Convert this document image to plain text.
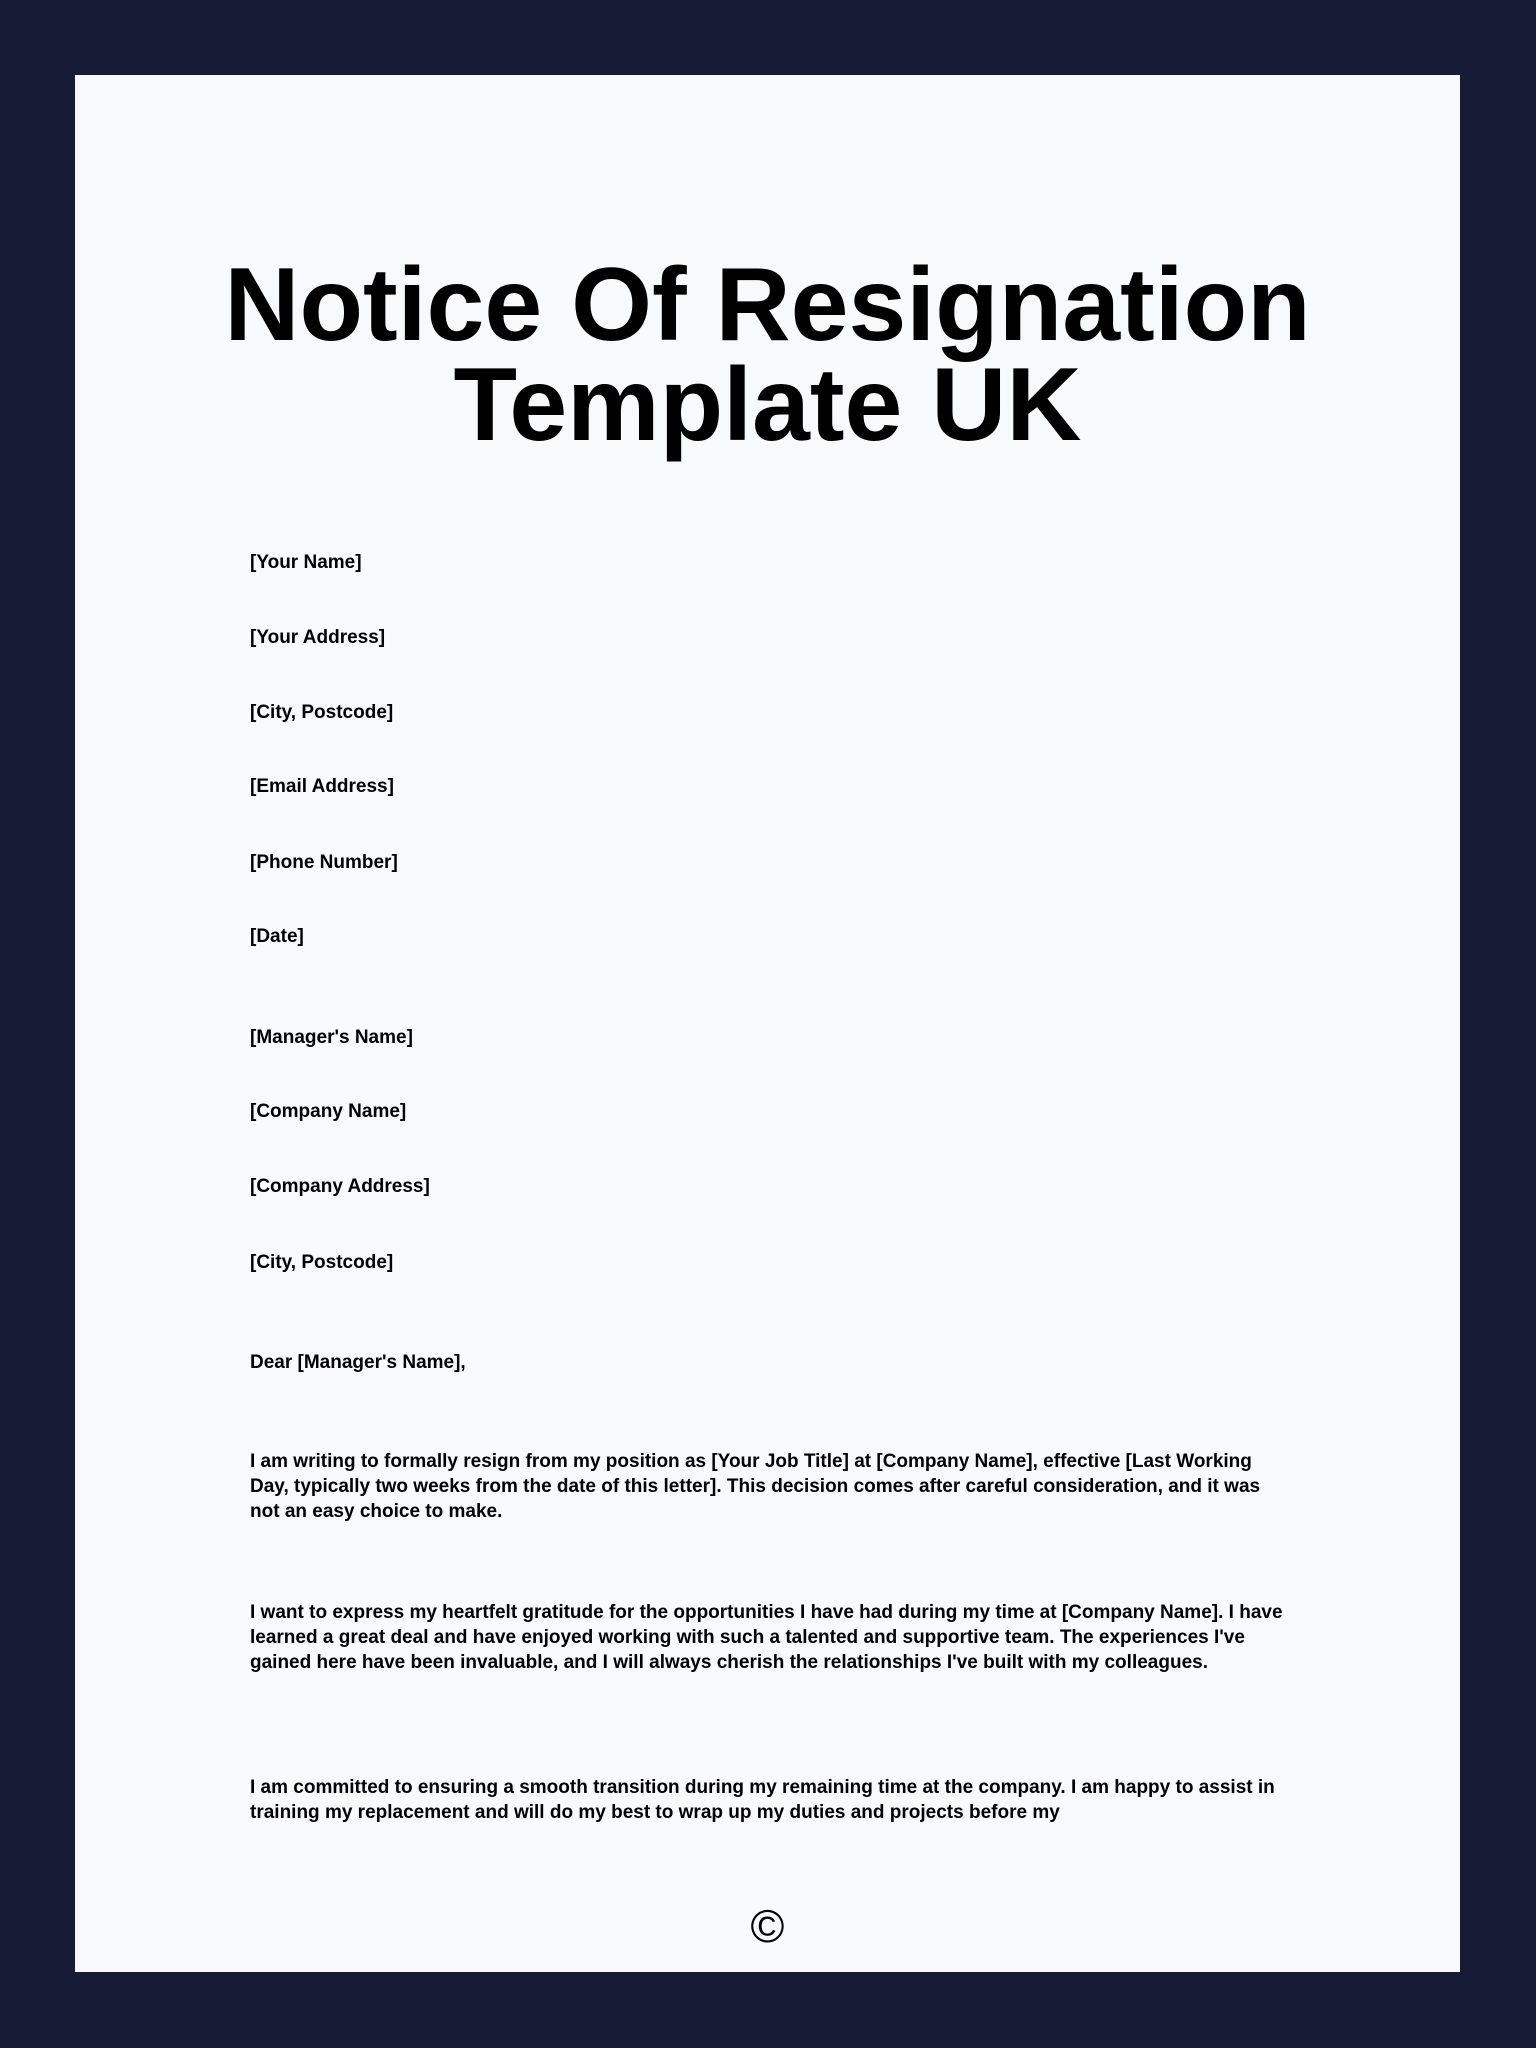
Notice Of Resignation
Template UK

[Your Name]

[Your Address]

[City, Postcode]

[Email Address]

[Phone Number]

[Date]

[Manager's Name]

[Company Name]

[Company Address]

[City, Postcode]

Dear [Manager's Name],

I am writing to formally resign from my position as [Your Job Title] at [Company Name], effective [Last Working Day, typically two weeks from the date of this letter]. This decision comes after careful consideration, and it was not an easy choice to make.

I want to express my heartfelt gratitude for the opportunities I have had during my time at [Company Name]. I have learned a great deal and have enjoyed working with such a talented and supportive team. The experiences I've gained here have been invaluable, and I will always cherish the relationships I've built with my colleagues.

I am committed to ensuring a smooth transition during my remaining time at the company. I am happy to assist in training my replacement and will do my best to wrap up my duties and projects before my

©
